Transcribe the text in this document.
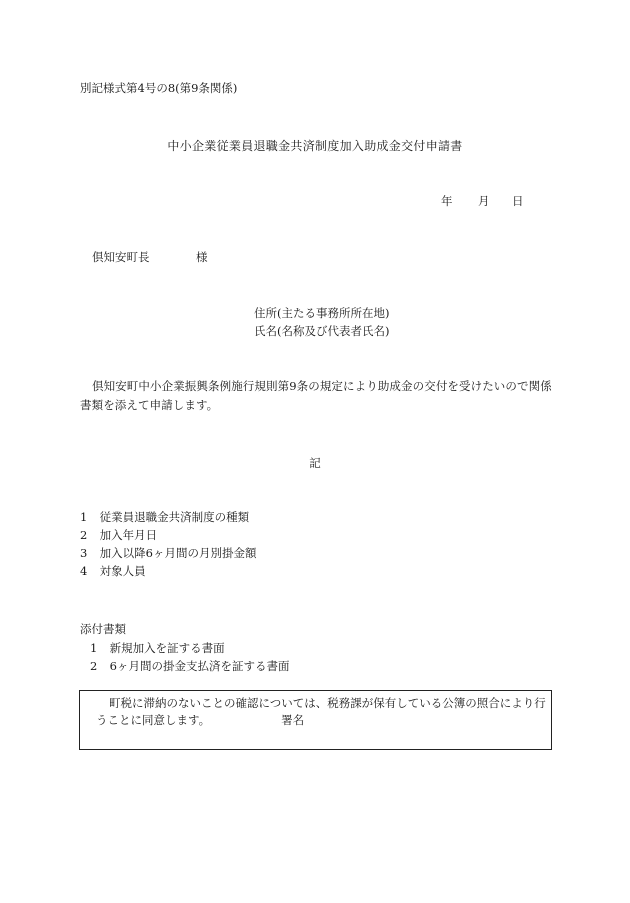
別記様式第4号の8(第9条関係)
中小企業従業員退職金共済制度加入助成金交付申請書
年 月 日
倶知安町長	様
住所(主たる事務所所在地)
氏名(名称及び代表者氏名)
倶知安町中小企業振興条例施行規則第9条の規定により助成金の交付を受けたいので関係書類を添えて申請します。
記
1 従業員退職金共済制度の種類
2 加入年月日
3 加入以降6ヶ月間の月別掛金額
4 対象人員
添付書類
1 新規加入を証する書面
2 6ヶ月間の掛金支払済を証する書面
町税に滞納のないことの確認については、税務課が保有している公簿の照合により行うことに同意します。	署名
